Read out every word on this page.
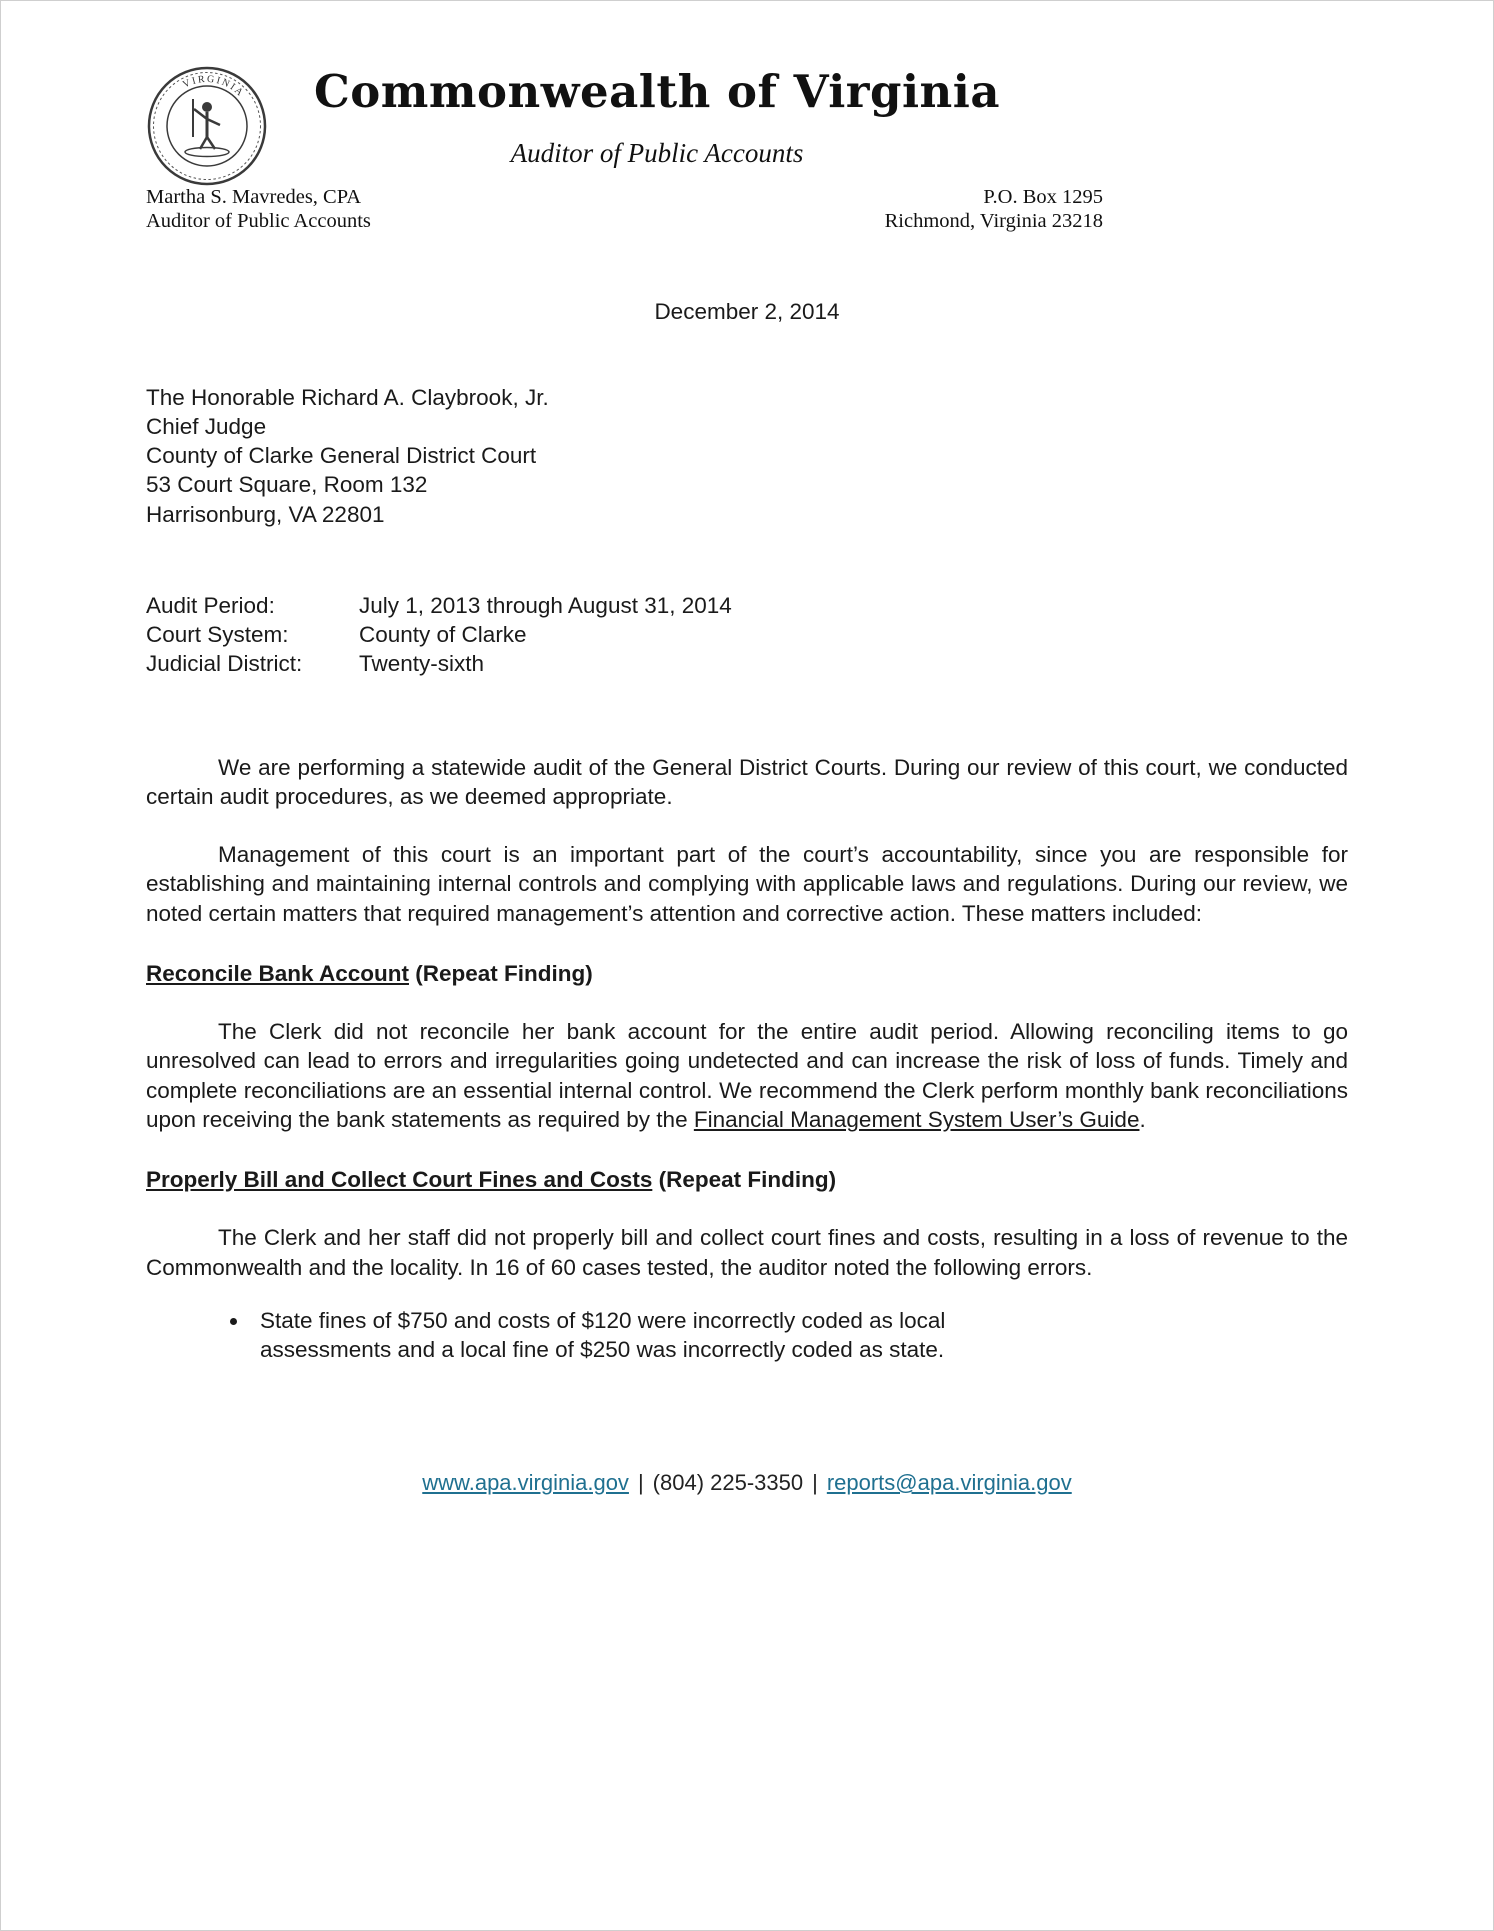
VIRGINIA	Commonwealth of Virginia
Auditor of Public Accounts
Martha S. Mavredes, CPA
Auditor of Public Accounts
P.O. Box 1295
Richmond, Virginia 23218
December 2, 2014
The Honorable Richard A. Claybrook, Jr.
Chief Judge
County of Clarke General District Court
53 Court Square, Room 132
Harrisonburg, VA 22801
Audit Period:	July 1, 2013 through August 31, 2014
Court System:	County of Clarke
Judicial District:	Twenty-sixth
We are performing a statewide audit of the General District Courts. During our review of this court, we conducted certain audit procedures, as we deemed appropriate.
Management of this court is an important part of the court’s accountability, since you are responsible for establishing and maintaining internal controls and complying with applicable laws and regulations. During our review, we noted certain matters that required management’s attention and corrective action. These matters included:
Reconcile Bank Account (Repeat Finding)
The Clerk did not reconcile her bank account for the entire audit period. Allowing reconciling items to go unresolved can lead to errors and irregularities going undetected and can increase the risk of loss of funds. Timely and complete reconciliations are an essential internal control. We recommend the Clerk perform monthly bank reconciliations upon receiving the bank statements as required by the Financial Management System User’s Guide.
Properly Bill and Collect Court Fines and Costs (Repeat Finding)
The Clerk and her staff did not properly bill and collect court fines and costs, resulting in a loss of revenue to the Commonwealth and the locality. In 16 of 60 cases tested, the auditor noted the following errors.
• State fines of $750 and costs of $120 were incorrectly coded as local assessments and a local fine of $250 was incorrectly coded as state.
www.apa.virginia.gov | (804) 225-3350 | reports@apa.virginia.gov
